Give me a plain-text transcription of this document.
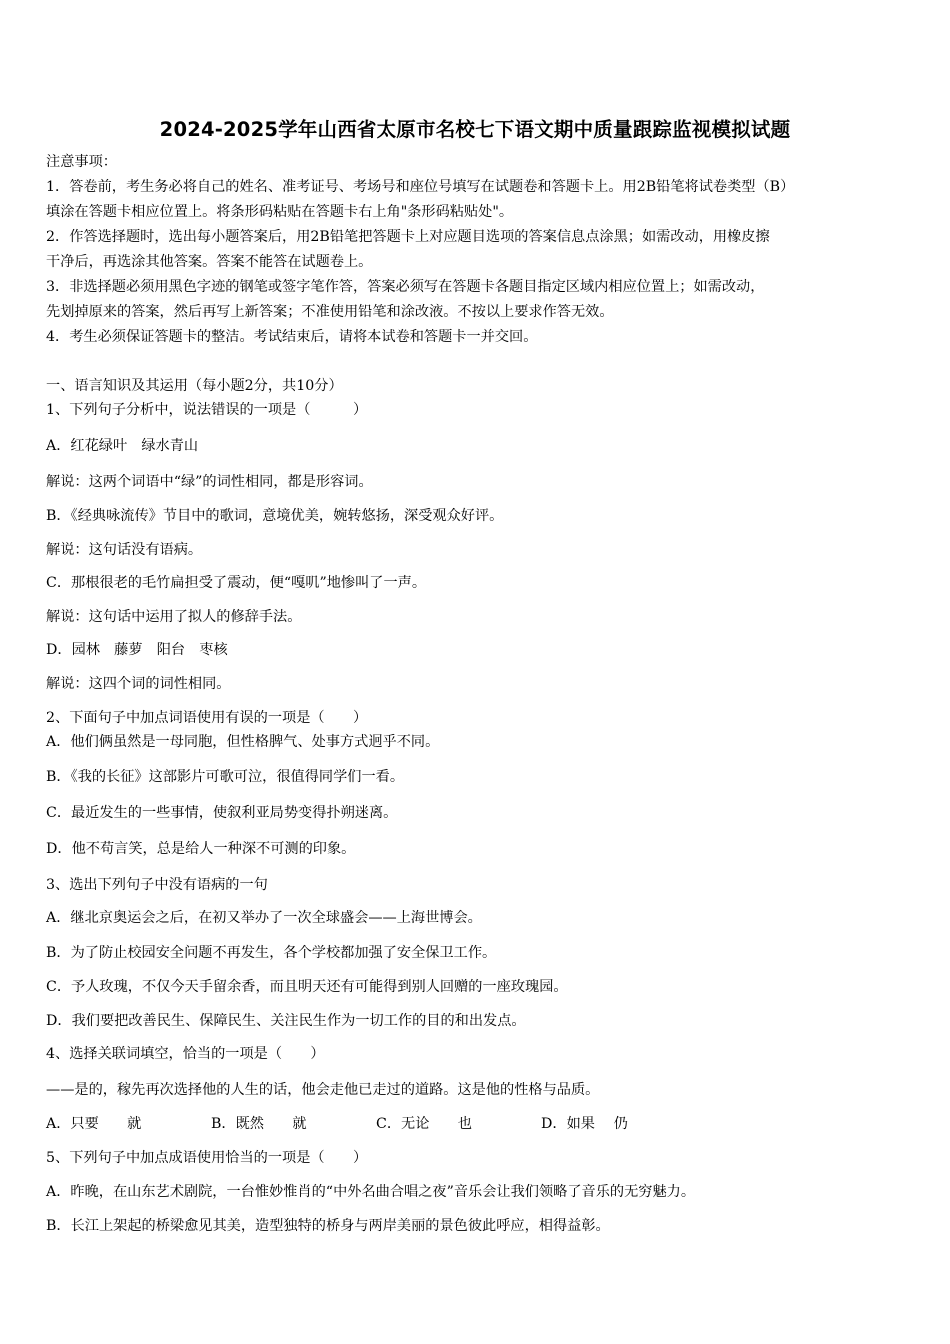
2024-2025学年山西省太原市名校七下语文期中质量跟踪监视模拟试题
注意事项：
1．答卷前，考生务必将自己的姓名、准考证号、考场号和座位号填写在试题卷和答题卡上。用2B铅笔将试卷类型（B）
填涂在答题卡相应位置上。将条形码粘贴在答题卡右上角"条形码粘贴处"。
2．作答选择题时，选出每小题答案后，用2B铅笔把答题卡上对应题目选项的答案信息点涂黑；如需改动，用橡皮擦
干净后，再选涂其他答案。答案不能答在试题卷上。
3．非选择题必须用黑色字迹的钢笔或签字笔作答，答案必须写在答题卡各题目指定区域内相应位置上；如需改动，
先划掉原来的答案，然后再写上新答案；不准使用铅笔和涂改液。不按以上要求作答无效。
4．考生必须保证答题卡的整洁。考试结束后，请将本试卷和答题卡一并交回。
一、语言知识及其运用（每小题2分，共10分）
1、下列句子分析中，说法错误的一项是（　　　）
A．红花绿叶　绿水青山
解说：这两个词语中“绿”的词性相同，都是形容词。
B．《经典咏流传》节目中的歌词，意境优美，婉转悠扬，深受观众好评。
解说：这句话没有语病。
C．那根很老的毛竹扁担受了震动，便“嘎叽”地惨叫了一声。
解说：这句话中运用了拟人的修辞手法。
D．园林　藤萝　阳台　枣核
解说：这四个词的词性相同。
2、下面句子中加点词语使用有误的一项是（　　）
A．他们俩虽然是一母同胞，但性格脾气、处事方式迥乎不同。
B．《我的长征》这部影片可歌可泣，很值得同学们一看。
C．最近发生的一些事情，使叙利亚局势变得扑朔迷离。
D．他不苟言笑，总是给人一种深不可测的印象。
3、选出下列句子中没有语病的一句
A．继北京奥运会之后，在初又举办了一次全球盛会——上海世博会。
B．为了防止校园安全问题不再发生，各个学校都加强了安全保卫工作。
C．予人玫瑰，不仅今天手留余香，而且明天还有可能得到别人回赠的一座玫瑰园。
D．我们要把改善民生、保障民生、关注民生作为一切工作的目的和出发点。
4、选择关联词填空，恰当的一项是（　　）
——是的，稼先再次选择他的人生的话，他会走他已走过的道路。这是他的性格与品质。
A．只要　　就	B．既然　　就	C．无论　　也	D．如果　 仍
5、下列句子中加点成语使用恰当的一项是（　　）
A．昨晚，在山东艺术剧院，一台惟妙惟肖的“中外名曲合唱之夜”音乐会让我们领略了音乐的无穷魅力。
B．长江上架起的桥梁愈见其美，造型独特的桥身与两岸美丽的景色彼此呼应，相得益彰。
